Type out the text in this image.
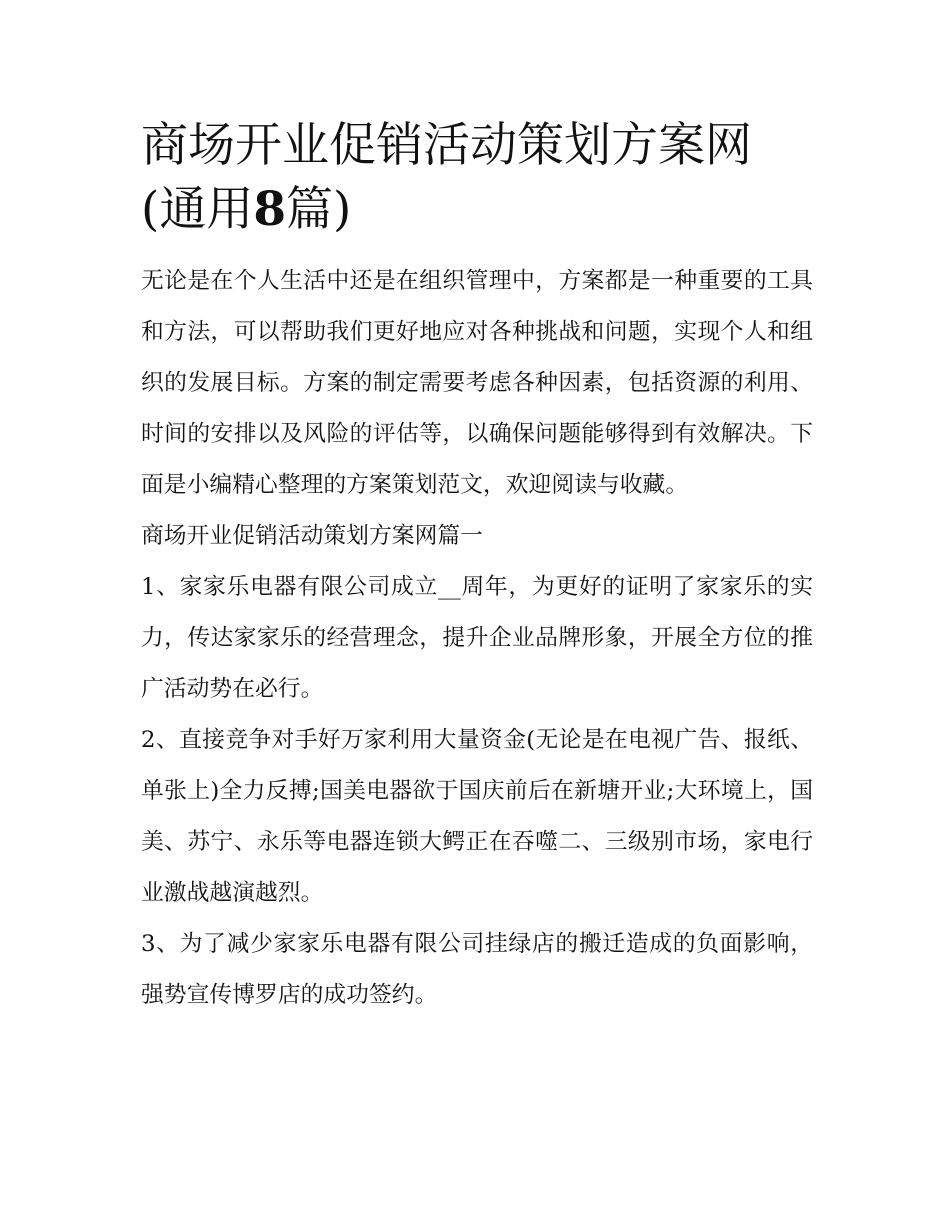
商场开业促销活动策划方案网
(通用8篇)

无论是在个人生活中还是在组织管理中，方案都是一种重要的工具和方法，可以帮助我们更好地应对各种挑战和问题，实现个人和组织的发展目标。方案的制定需要考虑各种因素，包括资源的利用、时间的安排以及风险的评估等，以确保问题能够得到有效解决。下面是小编精心整理的方案策划范文，欢迎阅读与收藏。

商场开业促销活动策划方案网篇一

1、家家乐电器有限公司成立__周年，为更好的证明了家家乐的实力，传达家家乐的经营理念，提升企业品牌形象，开展全方位的推广活动势在必行。

2、直接竞争对手好万家利用大量资金(无论是在电视广告、报纸、单张上)全力反搏;国美电器欲于国庆前后在新塘开业;大环境上，国美、苏宁、永乐等电器连锁大鳄正在吞噬二、三级别市场，家电行业激战越演越烈。

3、为了减少家家乐电器有限公司挂绿店的搬迁造成的负面影响，强势宣传博罗店的成功签约。
